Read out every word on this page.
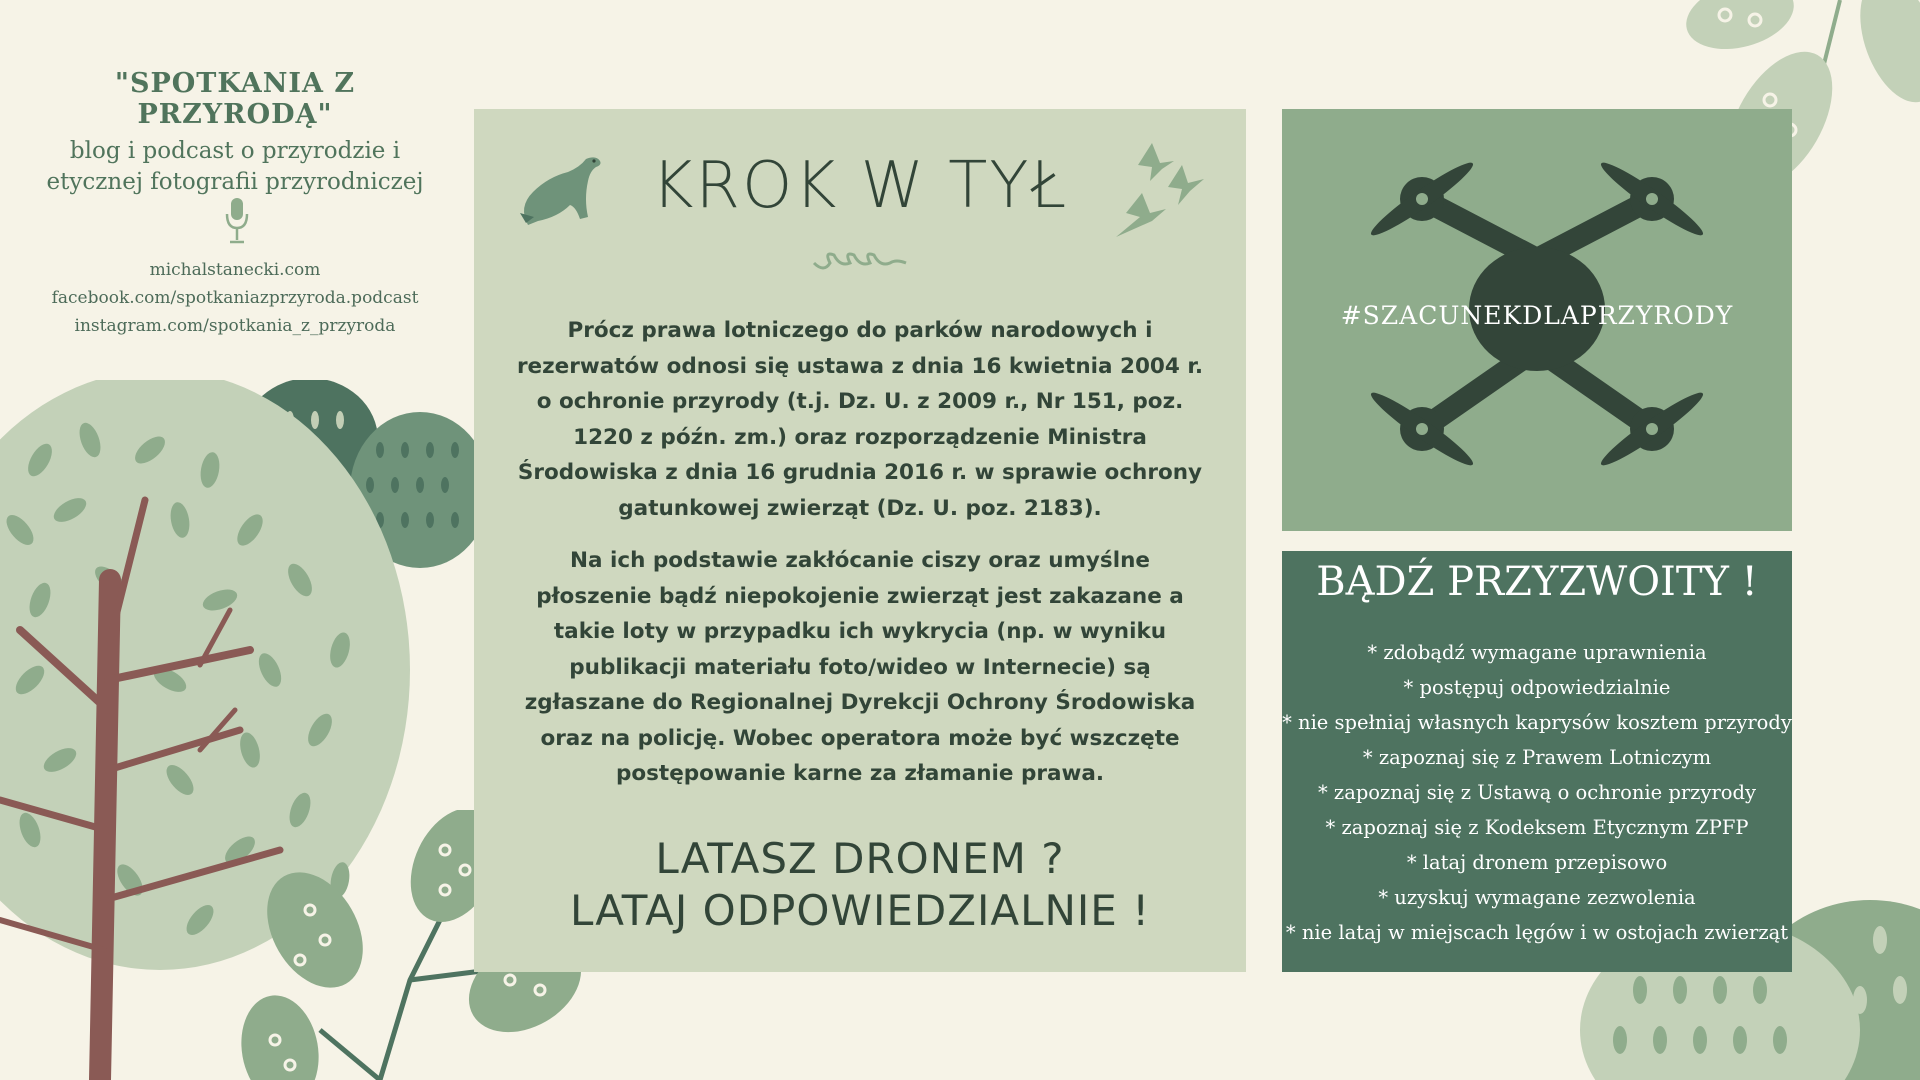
"SPOTKANIA Z PRZYRODĄ"
blog i podcast o przyrodzie i
etycznej fotografii przyrodniczej
michalstanecki.com
facebook.com/spotkaniazprzyroda.podcast
instagram.com/spotkania_z_przyroda
KROK W TYŁ
Prócz prawa lotniczego do parków narodowych i rezerwatów odnosi się ustawa z dnia 16 kwietnia 2004 r. o ochronie przyrody (t.j. Dz. U. z 2009 r., Nr 151, poz. 1220 z późn. zm.) oraz rozporządzenie Ministra Środowiska z dnia 16 grudnia 2016 r. w sprawie ochrony gatunkowej zwierząt (Dz. U. poz. 2183).
Na ich podstawie zakłócanie ciszy oraz umyślne płoszenie bądź niepokojenie zwierząt jest zakazane a takie loty w przypadku ich wykrycia (np. w wyniku publikacji materiału foto/wideo w Internecie) są zgłaszane do Regionalnej Dyrekcji Ochrony Środowiska oraz na policję. Wobec operatora może być wszczęte postępowanie karne za złamanie prawa.
LATASZ DRONEM ?
LATAJ ODPOWIEDZIALNIE !
#SZACUNEKDLAPRZYRODY
BĄDŹ PRZYZWOITY !
* zdobądź wymagane uprawnienia
* postępuj odpowiedzialnie
* nie spełniaj własnych kaprysów kosztem przyrody
* zapoznaj się z Prawem Lotniczym
* zapoznaj się z Ustawą o ochronie przyrody
* zapoznaj się z Kodeksem Etycznym ZPFP
* lataj dronem przepisowo
* uzyskuj wymagane zezwolenia
* nie lataj w miejscach lęgów i w ostojach zwierząt
